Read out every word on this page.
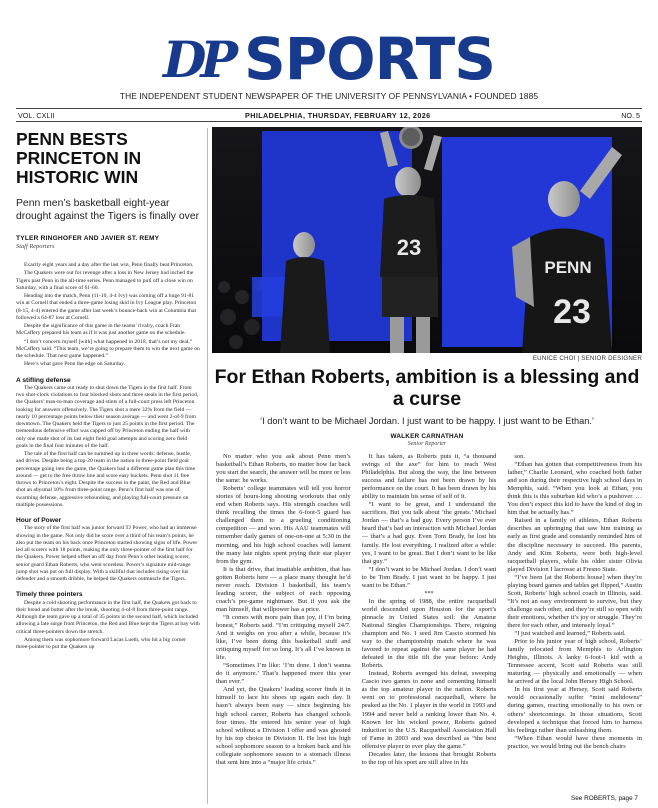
DP SPORTS
THE INDEPENDENT STUDENT NEWSPAPER OF THE UNIVERSITY OF PENNSYLVANIA • FOUNDED 1885
VOL. CXLII	PHILADELPHIA, THURSDAY, FEBRUARY 12, 2026	NO. 5
PENN BESTS PRINCETON IN HISTORIC WIN
Penn men’s basketball eight-year drought against the Tigers is finally over
TYLER RINGHOFER AND JAVIER ST. REMY
Staff Reporters

Exactly eight years and a day after the last win, Penn finally beat Princeton.

The Quakers were out for revenge after a loss in New Jersey had inched the Tigers past Penn in the all-time series. Penn managed to pull off a close win on Saturday, with a final score of 61-60.

Heading into the match, Penn (11-10, 4-4 Ivy) was coming off a huge 91-81 win at Cornell that ended a three-game losing skid in Ivy League play. Princeton (8-15, 4-4) entered the game after last week’s bounce-back win at Columbia that followed a 64-87 loss at Cornell.

Despite the significance of this game in the teams’ rivalry, coach Fran McCaffery prepared his team as if it was just another game on the schedule.

“I don’t concern myself [with] what happened in 2018, that’s not my deal,” McCaffery said. “This team, we’re going to prepare them to win the next game on the schedule. That next game happened.”

Here’s what gave Penn the edge on Saturday.

A stifling defense

The Quakers came out ready to shut down the Tigers in the first half. From two shot-clock violations to four blocked shots and three steals in the first period, the Quakers’ man-to-man coverage and stints of a full-court press left Princeton looking for answers offensively. The Tigers shot a mere 32% from the field — nearly 10 percentage points below their season average — and went 2-of-9 from downtown. The Quakers held the Tigers to just 25 points in the first period. The tremendous defensive effort was capped off by Princeton ending the half with only one made shot of its last eight field goal attempts and scoring zero field goals in the final four minutes of the half.

The tale of the first half can be summed up in three words: defense, hustle, and drives. Despite being a top-20 team in the nation in three-point field goal percentage going into the game, the Quakers had a different game plan this time around — get to the free throw line and score easy buckets. Penn shot 11 free throws to Princeton’s eight. Despite the success in the paint, the Red and Blue shot an abysmal 10% from three-point range. Penn’s first half was one of swarming defense, aggressive rebounding, and playing full-court pressure on multiple possessions.

Hour of Power

The story of the first half was junior forward TJ Power, who had an immense showing in the game. Not only did he score over a third of his team’s points, he also put the team on his back once Princeton started showing signs of life. Power led all scorers with 18 points, making the only three-pointer of the first half for the Quakers. Power helped offset an off day from Penn’s other leading scorer, senior guard Ethan Roberts, who went scoreless. Power’s signature mid-range jump shot was put on full display. With a skillful that includes rising over his defender and a smooth dribble, he helped the Quakers outmuscle the Tigers.

Timely three pointers

Despite a cold shooting performance in the first half, the Quakers got back to their bread and butter after the break, shooting 4-of-8 from three-point range. Although the team gave up a total of 35 points in the second half, which included allowing a late surge from Princeton, the Red and Blue kept the Tigers at bay with critical three-pointers down the stretch.

Among them was sophomore forward Lucas Lueth, who hit a big corner three-pointer to put the Quakers up

23
PENN
23
EUNICE CHOI | SENIOR DESIGNER
For Ethan Roberts, ambition is a blessing and a curse
‘I don’t want to be Michael Jordan. I just want to be happy. I just want to be Ethan.’
WALKER CARNATHAN
Senior Reporter

No matter who you ask about Penn men’s basketball’s Ethan Roberts, no matter how far back you start the search, the answer will be more or less the same: he works.

Roberts’ college teammates will tell you horror stories of hours-long shooting workouts that only end when Roberts says. His strength coaches will think recalling the times the 6-foot-5 guard has challenged them to a grueling conditioning competition — and won. His AAU teammates will remember daily games of one-on-one at 5:30 in the morning, and his high school coaches will lament the many late nights spent prying their star player from the gym.

It is that drive, that insatiable ambition, that has gotten Roberts here — a place many thought he’d never reach. Division I basketball, his team’s leading scorer, the subject of each opposing coach’s pre-game nightmare. But if you ask the man himself, that willpower has a price.

“It comes with more pain than joy, if I’m being honest,” Roberts said. “I’m critiquing myself 24/7. And it weighs on you after a while, because it’s like, I’ve been doing this basketball stuff and critiquing myself for so long. It’s all I’ve known in life.

“Sometimes I’m like: ‘I’m done. I don’t wanna do it anymore.’ That’s happened more this year than ever.”

And yet, the Quakers’ leading scorer finds it in himself to lace his shoes up again each day. It hasn’t always been easy — since beginning his high school career, Roberts has changed schools four times. He entered his senior year of high school without a Division I offer and was ghosted by his top choice in Division II. He lost his high school sophomore season to a broken back and his collegiate sophomore season to a stomach illness that sent him into a “major life crisis.”

It has taken, as Roberts puts it, “a thousand swings of the axe” for him to reach West Philadelphia. But along the way, the line between success and failure has not been drawn by his performance on the court. It has been drawn by his ability to maintain his sense of self of it.

“I want to be great, and I understand the sacrifices. But you talk about ‘the greats.’ Michael Jordan — that’s a bad guy. Every person I’ve ever heard that’s had an interaction with Michael Jordan — that’s a bad guy. Even Tom Brady, he lost his family. He lost everything. I realized after a while: yes, I want to be great. But I don’t want to be like that guy.”

“I don’t want to be Michael Jordan. I don’t want to be Tom Brady. I just want to be happy. I just want to be Ethan.”

***

In the spring of 1988, the entire racquetball world descended upon Houston for the sport’s pinnacle in United States soil: the Amateur National Singles Championships. There, reigning champion and No. 1 seed Jim Cascio stormed his way to the championship match where he was favored to repeat against the same player he had defeated in the title tilt the year before: Andy Roberts.

Instead, Roberts avenged his defeat, sweeping Cascio two games to none and cementing himself as the top amateur player in the nation. Roberts went on to professional racquetball, where he peaked as the No. 1 player in the world in 1993 and 1994 and never held a ranking lower than No. 4. Known for his wicked power, Roberts gained induction to the U.S. Racquetball Association Hall of Fame in 2003 and was described as “the best offensive player to ever play the game.”

Decades later, the lessons that brought Roberts to the top of his sport are still alive in his

son.

“Ethan has gotten that competitiveness from his father,” Charlie Leonard, who coached both father and son during their respective high school days in Memphis, said. “When you look at Ethan, you think this is this suburban kid who’s a pushover. … You don’t expect this kid to have the kind of dog in him that he actually has.”

Raised in a family of athletes, Ethan Roberts describes an upbringing that saw him training as early as first grade and constantly reminded him of the discipline necessary to succeed. His parents, Andy and Kim Roberts, were both high-level racquetball players, while his older sister Olivia played Division I lacrosse at Fresno State.

“I’ve been [at the Roberts house] when they’re playing board games and tables get flipped,” Austin Scott, Roberts’ high school coach in Illinois, said. “It’s not an easy environment to survive, but they challenge each other, and they’re still so open with their emotions, whether it’s joy or struggle. They’re there for each other, and intensely loyal.”

“I just watched and learned,” Roberts said.

Prior to his junior year of high school, Roberts’ family relocated from Memphis to Arlington Heights, Illinois. A lanky 6-foot-1 kid with a Tennessee accent, Scott said Roberts was still maturing — physically and emotionally — when he arrived at the local John Hersey High School.

In his first year at Hersey, Scott said Roberts would occasionally suffer “mini meltdowns” during games, reacting emotionally to his own or others’ shortcomings. In those situations, Scott developed a technique that forced him to harness his feelings rather than unleashing them.

“When Ethan would have these moments in practice, we would bring out the bench chairs

See ROBERTS, page 7
